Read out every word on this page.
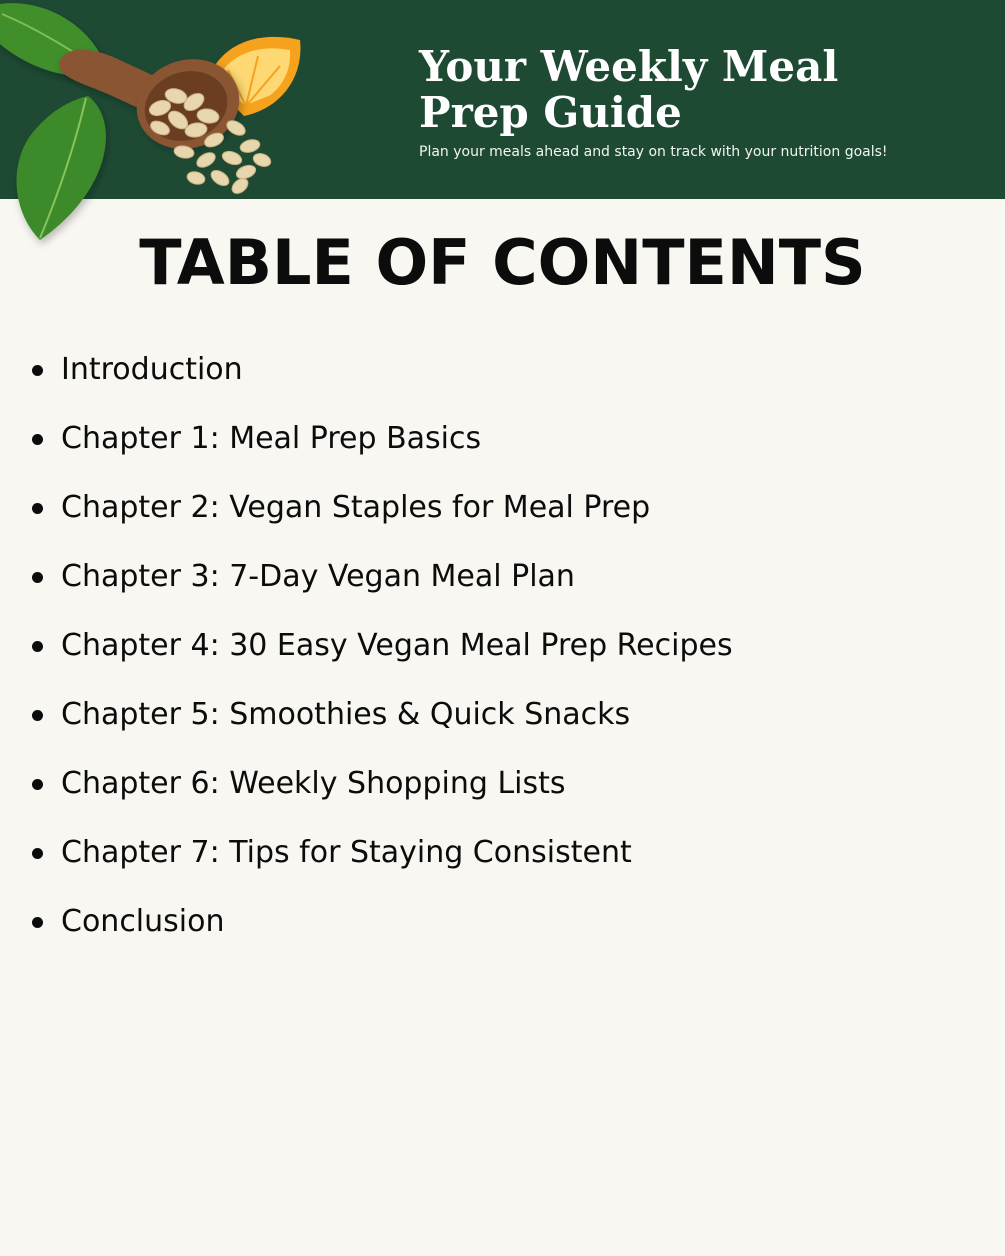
Your Weekly Meal
Prep Guide

Plan your meals ahead and stay on track with your nutrition goals!

TABLE OF CONTENTS
Introduction
Chapter 1: Meal Prep Basics
Chapter 2: Vegan Staples for Meal Prep
Chapter 3: 7-Day Vegan Meal Plan
Chapter 4: 30 Easy Vegan Meal Prep Recipes
Chapter 5: Smoothies & Quick Snacks
Chapter 6: Weekly Shopping Lists
Chapter 7: Tips for Staying Consistent
Conclusion
